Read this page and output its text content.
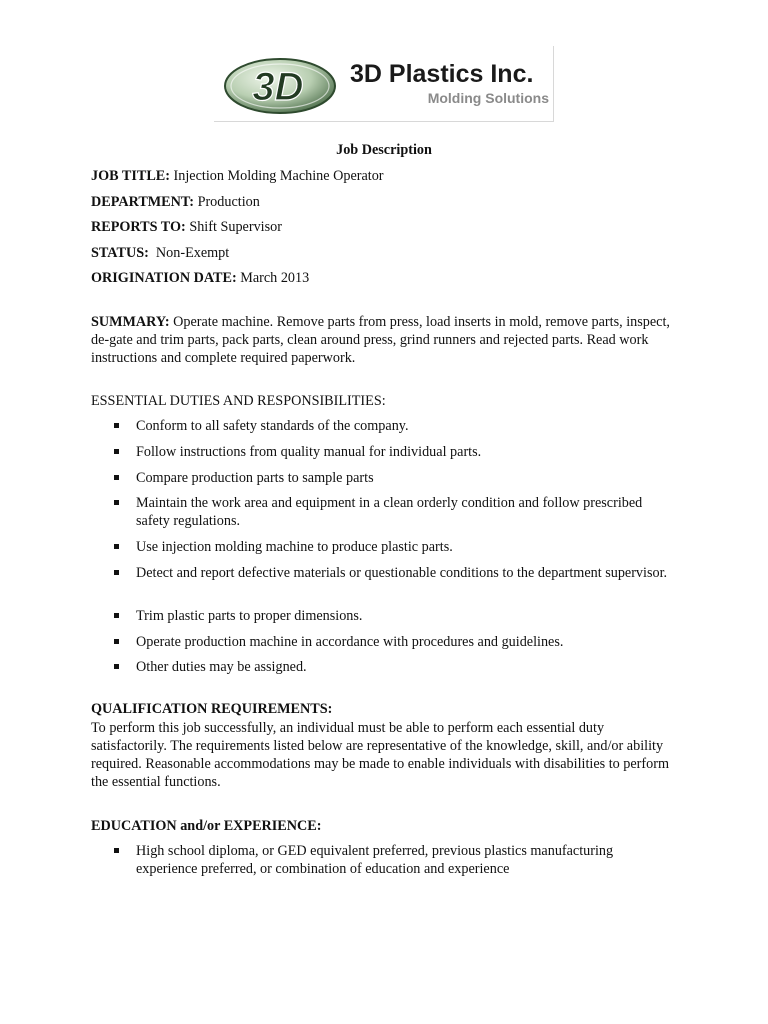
3D 3D Plastics Inc.
Molding Solutions
Job Description
JOB TITLE: Injection Molding Machine Operator
DEPARTMENT: Production
REPORTS TO: Shift Supervisor
STATUS:  Non-Exempt
ORIGINATION DATE: March 2013
SUMMARY: Operate machine. Remove parts from press, load inserts in mold, remove parts, inspect, de-gate and trim parts, pack parts, clean around press, grind runners and rejected parts. Read work instructions and complete required paperwork.
ESSENTIAL DUTIES AND RESPONSIBILITIES:
Conform to all safety standards of the company.
Follow instructions from quality manual for individual parts.
Compare production parts to sample parts
Maintain the work area and equipment in a clean orderly condition and follow prescribed safety regulations.
Use injection molding machine to produce plastic parts.
Detect and report defective materials or questionable conditions to the department supervisor.
Trim plastic parts to proper dimensions.
Operate production machine in accordance with procedures and guidelines.
Other duties may be assigned.
QUALIFICATION REQUIREMENTS:
To perform this job successfully, an individual must be able to perform each essential duty satisfactorily. The requirements listed below are representative of the knowledge, skill, and/or ability required. Reasonable accommodations may be made to enable individuals with disabilities to perform the essential functions.
EDUCATION and/or EXPERIENCE:
High school diploma, or GED equivalent preferred, previous plastics manufacturing experience preferred, or combination of education and experience
